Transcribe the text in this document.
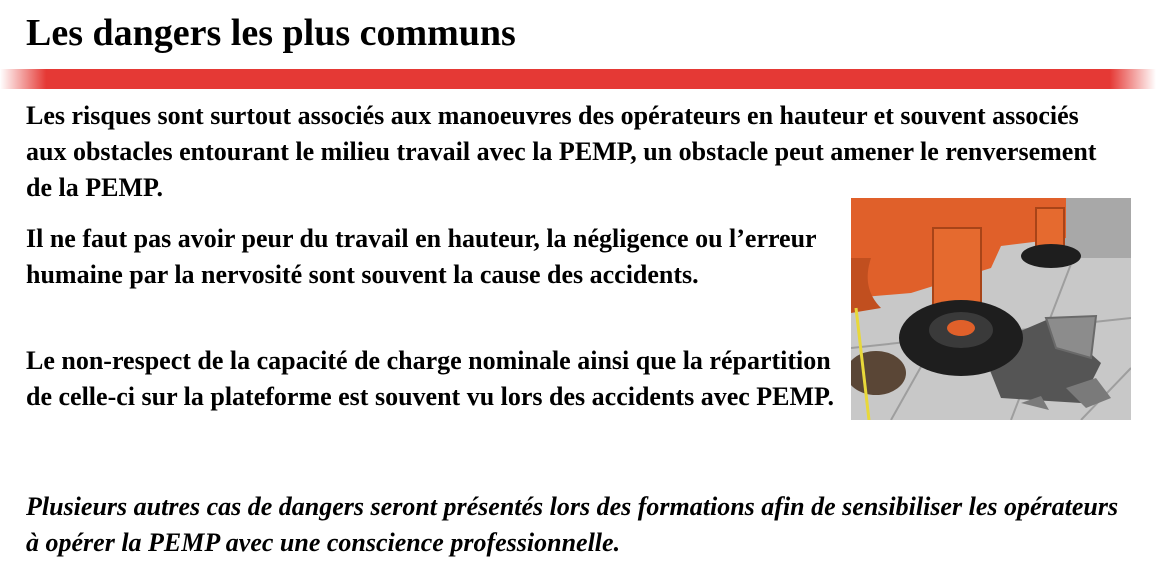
Les dangers les plus communs

Les risques sont surtout associés aux manoeuvres des opérateurs en hauteur et souvent associés aux obstacles entourant le milieu travail avec la PEMP, un obstacle peut amener le renversement de la PEMP.

Il ne faut pas avoir peur du travail en hauteur, la négligence ou l’erreur humaine par la nervosité sont souvent la cause des accidents.

Le non-respect de la capacité de charge nominale ainsi que la répartition de celle-ci sur la plateforme est souvent vu lors des accidents avec PEMP.

Plusieurs autres cas de dangers seront présentés lors des formations afin de sensibiliser les opérateurs à opérer la PEMP avec une conscience professionnelle.
